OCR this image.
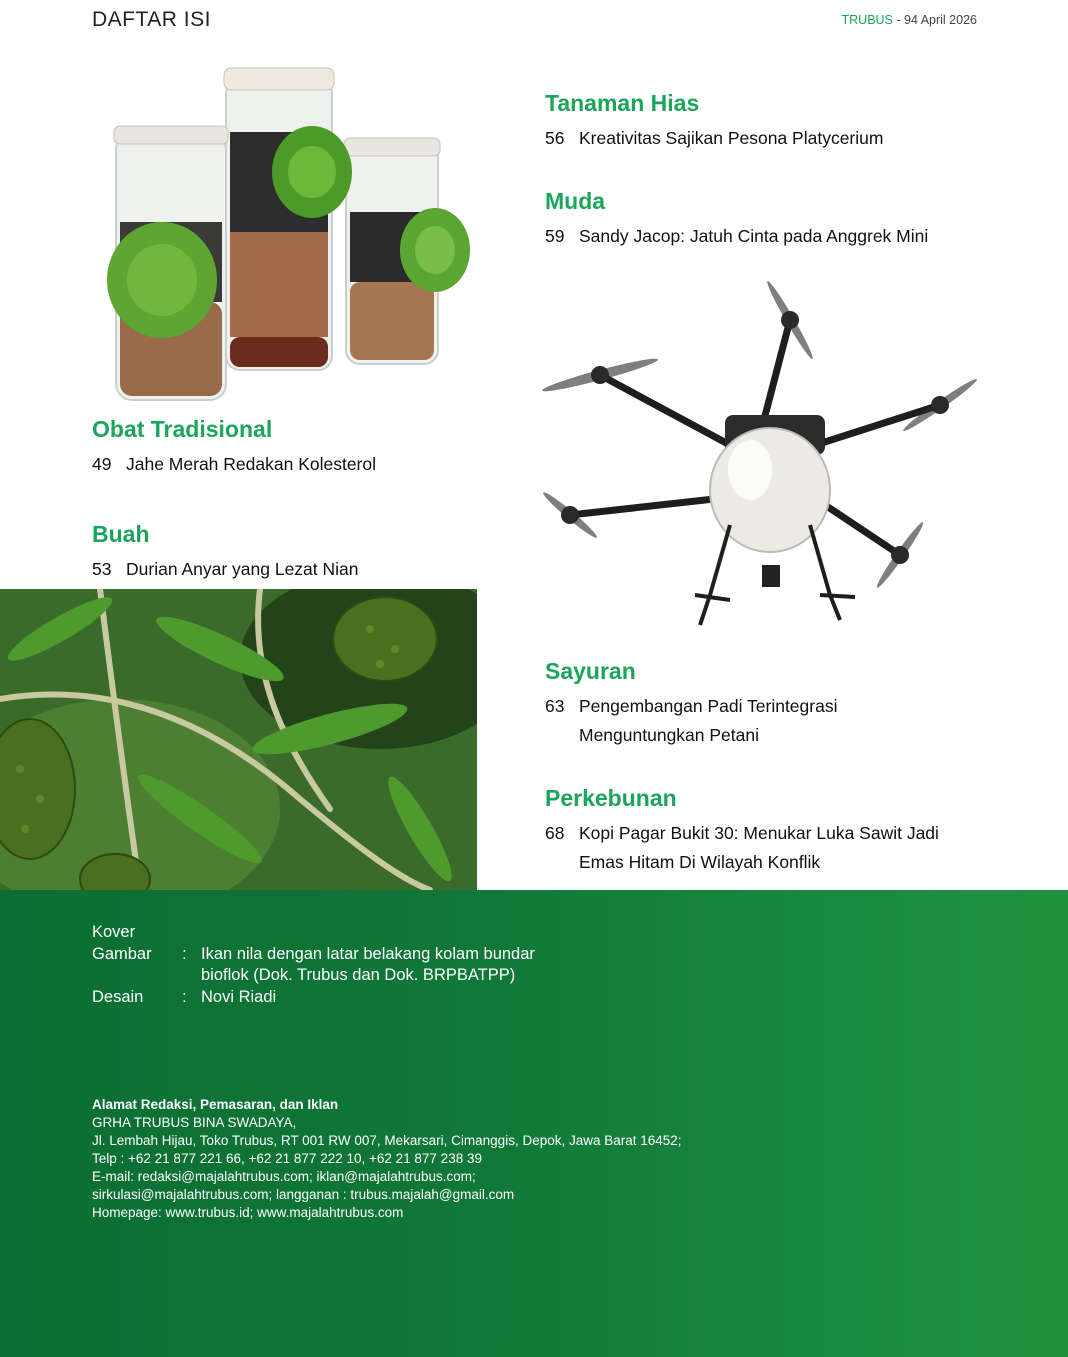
DAFTAR ISI	TRUBUS - 94 April 2026
Tanaman Hias
56 Kreativitas Sajikan Pesona Platycerium
Muda
59 Sandy Jacop: Jatuh Cinta pada Anggrek Mini
Obat Tradisional
49 Jahe Merah Redakan Kolesterol
Buah
53 Durian Anyar yang Lezat Nian
Sayuran
63 Pengembangan Padi Terintegrasi
Menguntungkan Petani
Perkebunan
68 Kopi Pagar Bukit 30: Menukar Luka Sawit Jadi
Emas Hitam Di Wilayah Konflik
Kover
Gambar	: Ikan nila dengan latar belakang kolam bundar
bioflok (Dok. Trubus dan Dok. BRPBATPP)
Desain	: Novi Riadi
Alamat Redaksi, Pemasaran, dan Iklan
GRHA TRUBUS BINA SWADAYA,
Jl. Lembah Hijau, Toko Trubus, RT 001 RW 007, Mekarsari, Cimanggis, Depok, Jawa Barat 16452;
Telp : +62 21 877 221 66, +62 21 877 222 10, +62 21 877 238 39
E-mail: redaksi@majalahtrubus.com; iklan@majalahtrubus.com;
sirkulasi@majalahtrubus.com; langganan : trubus.majalah@gmail.com
Homepage: www.trubus.id; www.majalahtrubus.com
